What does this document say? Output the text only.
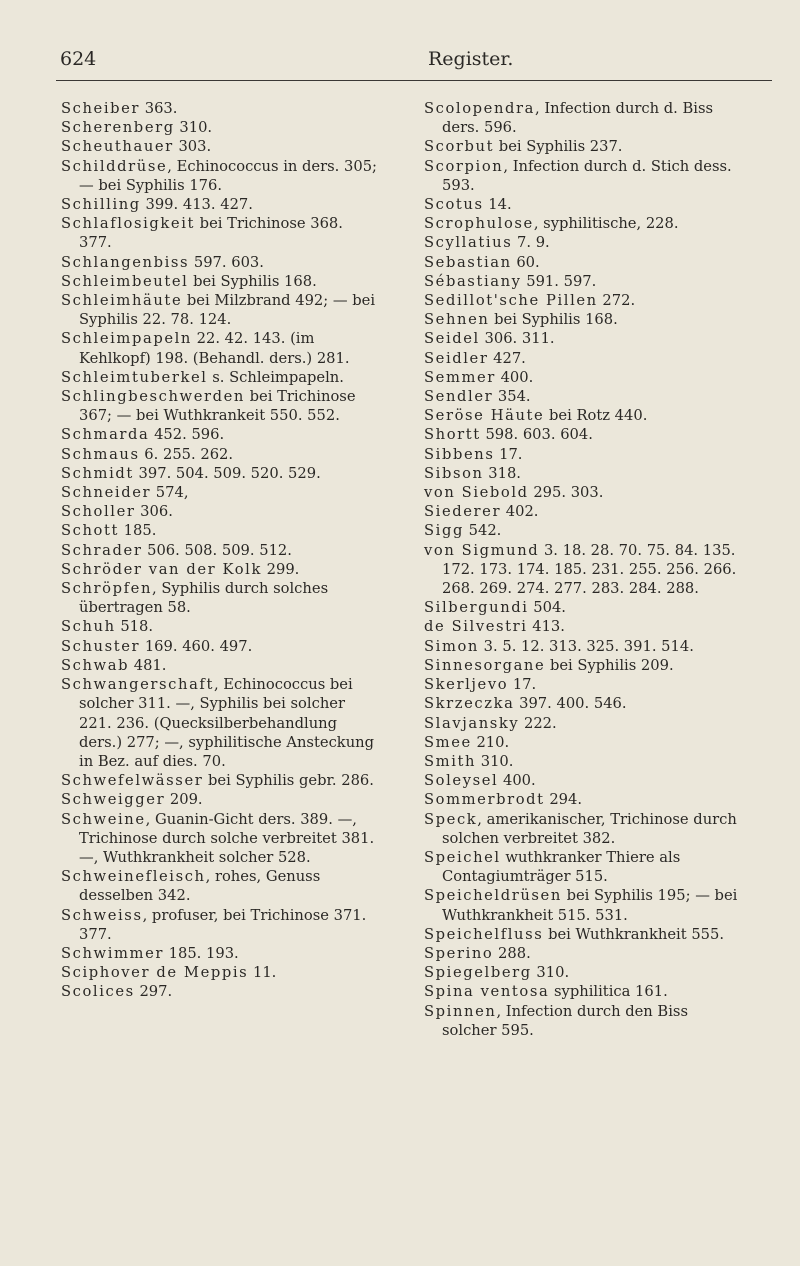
624	Register.

Scheiber 363.

Scherenberg 310.

Scheuthauer 303.

Schilddrüse, Echinococcus in ders. 305; — bei Syphilis 176.

Schilling 399. 413. 427.

Schlaflosigkeit bei Trichinose 368. 377.

Schlangenbiss 597. 603.

Schleimbeutel bei Syphilis 168.

Schleimhäute bei Milzbrand 492; — bei Syphilis 22. 78. 124.

Schleimpapeln 22. 42. 143. (im Kehlkopf) 198. (Behandl. ders.) 281.

Schleimtuberkel s. Schleimpapeln.

Schlingbeschwerden bei Trichinose 367; — bei Wuthkrankeit 550. 552.

Schmarda 452. 596.

Schmaus 6. 255. 262.

Schmidt 397. 504. 509. 520. 529.

Schneider 574,

Scholler 306.

Schott 185.

Schrader 506. 508. 509. 512.

Schröder van der Kolk 299.

Schröpfen, Syphilis durch solches übertragen 58.

Schuh 518.

Schuster 169. 460. 497.

Schwab 481.

Schwangerschaft, Echinococcus bei solcher 311. —, Syphilis bei solcher 221. 236. (Quecksilberbehandlung ders.) 277; —, syphilitische Ansteckung in Bez. auf dies. 70.

Schwefelwässer bei Syphilis gebr. 286.

Schweigger 209.

Schweine, Guanin-Gicht ders. 389. —, Trichinose durch solche verbreitet 381. —, Wuthkrankheit solcher 528.

Schweinefleisch, rohes, Genuss desselben 342.

Schweiss, profuser, bei Trichinose 371. 377.

Schwimmer 185. 193.

Sciphover de Meppis 11.

Scolices 297.

Scolopendra, Infection durch d. Biss ders. 596.

Scorbut bei Syphilis 237.

Scorpion, Infection durch d. Stich dess. 593.

Scotus 14.

Scrophulose, syphilitische, 228.

Scyllatius 7. 9.

Sebastian 60.

Sébastiany 591. 597.

Sedillot'sche Pillen 272.

Sehnen bei Syphilis 168.

Seidel 306. 311.

Seidler 427.

Semmer 400.

Sendler 354.

Seröse Häute bei Rotz 440.

Shortt 598. 603. 604.

Sibbens 17.

Sibson 318.

von Siebold 295. 303.

Siederer 402.

Sigg 542.

von Sigmund 3. 18. 28. 70. 75. 84. 135. 172. 173. 174. 185. 231. 255. 256. 266. 268. 269. 274. 277. 283. 284. 288.

Silbergundi 504.

de Silvestri 413.

Simon 3. 5. 12. 313. 325. 391. 514.

Sinnesorgane bei Syphilis 209.

Skerljevo 17.

Skrzeczka 397. 400. 546.

Slavjansky 222.

Smee 210.

Smith 310.

Soleysel 400.

Sommerbrodt 294.

Speck, amerikanischer, Trichinose durch solchen verbreitet 382.

Speichel wuthkranker Thiere als Contagiumträger 515.

Speicheldrüsen bei Syphilis 195; — bei Wuthkrankheit 515. 531.

Speichelfluss bei Wuthkrankheit 555.

Sperino 288.

Spiegelberg 310.

Spina ventosa syphilitica 161.

Spinnen, Infection durch den Biss solcher 595.
